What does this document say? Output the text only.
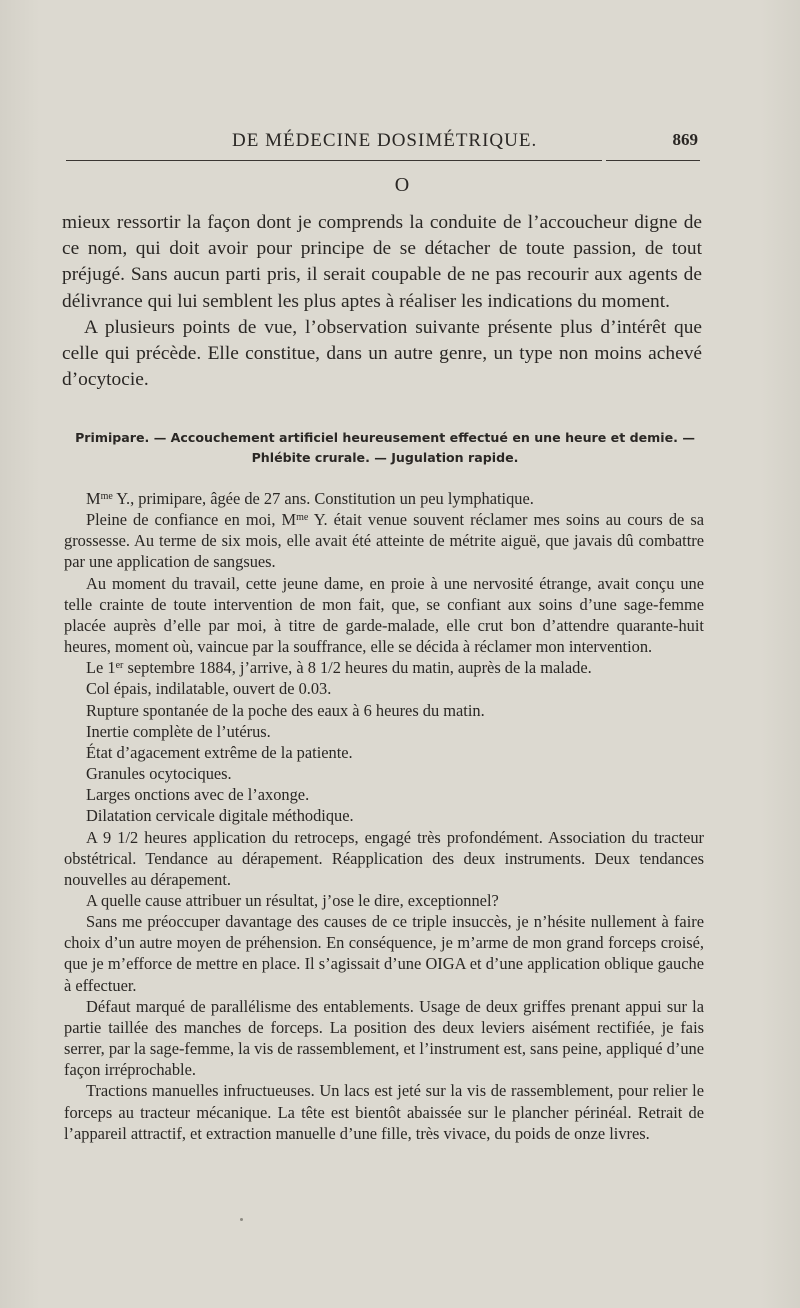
DE MÉDECINE DOSIMÉTRIQUE.	869
O

mieux ressortir la façon dont je comprends la conduite de l’accoucheur digne de ce nom, qui doit avoir pour principe de se détacher de toute passion, de tout préjugé. Sans aucun parti pris, il serait coupable de ne pas recourir aux agents de délivrance qui lui semblent les plus aptes à réaliser les indications du moment.

A plusieurs points de vue, l’observation suivante présente plus d’intérêt que celle qui précède. Elle constitue, dans un autre genre, un type non moins achevé d’ocytocie.

Primipare. — Accouchement artificiel heureusement effectué en une heure et demie. —
Phlébite crurale. — Jugulation rapide.

$M^{me}$ Y., primipare, âgée de 27 ans. Constitution un peu lymphatique.

Pleine de confiance en moi, $M^{me}$ Y. était venue souvent réclamer mes soins au cours de sa grossesse. Au terme de six mois, elle avait été atteinte de métrite aiguë, que javais dû combattre par une application de sangsues.

Au moment du travail, cette jeune dame, en proie à une nervosité étrange, avait conçu une telle crainte de toute intervention de mon fait, que, se confiant aux soins d’une sage-femme placée auprès d’elle par moi, à titre de garde-malade, elle crut bon d’attendre quarante-huit heures, moment où, vaincue par la souffrance, elle se décida à réclamer mon intervention.

Le 1er septembre 1884, j’arrive, à 8 1/2 heures du matin, auprès de la malade.

Col épais, indilatable, ouvert de 0.03.

Rupture spontanée de la poche des eaux à 6 heures du matin.

Inertie complète de l’utérus.

État d’agacement extrême de la patiente.

Granules ocytociques.

Larges onctions avec de l’axonge.

Dilatation cervicale digitale méthodique.

A 9 1/2 heures application du retroceps, engagé très profondément. Association du tracteur obstétrical. Tendance au dérapement. Réapplication des deux instruments. Deux tendances nouvelles au dérapement.

A quelle cause attribuer un résultat, j’ose le dire, exceptionnel?

Sans me préoccuper davantage des causes de ce triple insuccès, je n’hésite nullement à faire choix d’un autre moyen de préhension. En conséquence, je m’arme de mon grand forceps croisé, que je m’efforce de mettre en place. Il s’agissait d’une OIGA et d’une application oblique gauche à effectuer.

Défaut marqué de parallélisme des entablements. Usage de deux griffes prenant appui sur la partie taillée des manches de forceps. La position des deux leviers aisément rectifiée, je fais serrer, par la sage-femme, la vis de rassemblement, et l’instrument est, sans peine, appliqué d’une façon irréprochable.

Tractions manuelles infructueuses. Un lacs est jeté sur la vis de rassemblement, pour relier le forceps au tracteur mécanique. La tête est bientôt abaissée sur le plancher périnéal. Retrait de l’appareil attractif, et extraction manuelle d’une fille, très vivace, du poids de onze livres.
